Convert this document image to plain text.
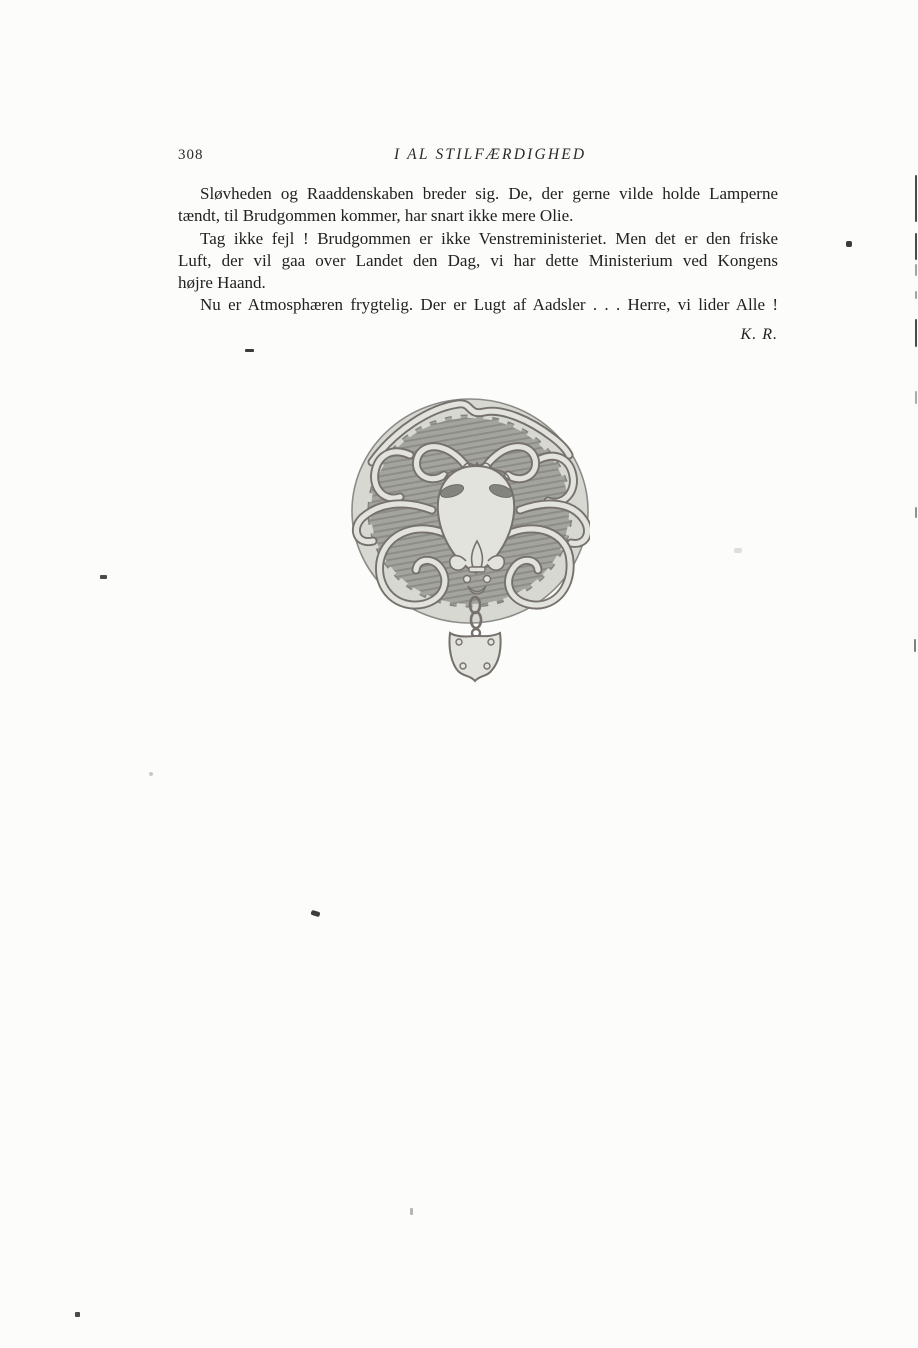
308	I AL STILFÆRDIGHED
Sløvheden og Raaddenskaben breder sig. De, der gerne vilde holde Lamperne
tændt, til Brudgommen kommer, har snart ikke mere Olie.
Tag ikke fejl ! Brudgommen er ikke Venstreministeriet. Men det er den friske
Luft, der vil gaa over Landet den Dag, vi har dette Ministerium ved Kongens
højre Haand.
Nu er Atmosphæren frygtelig. Der er Lugt af Aadsler . . . Herre, vi lider Alle !
K. R.
